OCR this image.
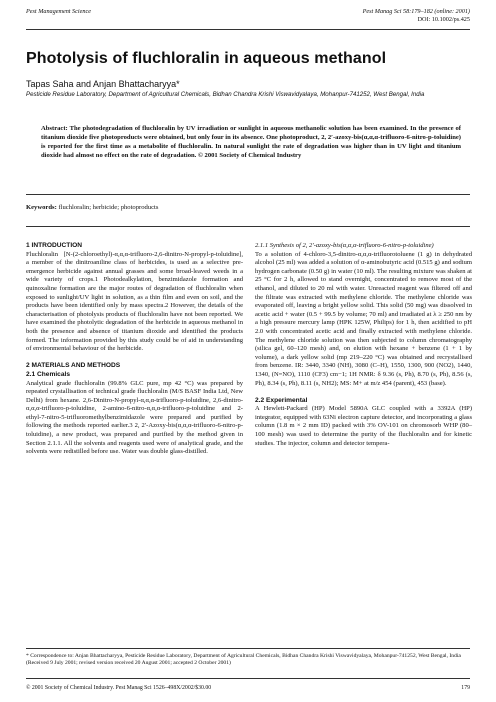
Pest Management Science	Pest Manag Sci 58:179–182 (online: 2001)
DOI: 10.1002/ps.425
Photolysis of fluchloralin in aqueous methanol
Tapas Saha and Anjan Bhattacharyya*
Pesticide Residue Laboratory, Department of Agricultural Chemicals, Bidhan Chandra Krishi Viswavidyalaya, Mohanpur-741252, West Bengal, India
Abstract: The photodegradation of fluchloralin by UV irradiation or sunlight in aqueous methanolic solution has been examined. In the presence of titanium dioxide five photoproducts were obtained, but only four in its absence. One photoproduct, 2, 2′-azoxy-bis(α,α,α-trifluoro-6-nitro-p-toluidine) is reported for the first time as a metabolite of fluchloralin. In natural sunlight the rate of degradation was higher than in UV light and titanium dioxide had almost no effect on the rate of degradation. © 2001 Society of Chemical Industry
Keywords: fluchloralin; herbicide; photoproducts
1 INTRODUCTION

Fluchloralin [N-(2-chloroethyl)-α,α,α-trifluoro-2,6-dinitro-N-propyl-p-toluidine], a member of the dinitroaniline class of herbicides, is used as a selective pre-emergence herbicide against annual grasses and some broad-leaved weeds in a wide variety of crops.1 Photodealkylation, benzimidazole formation and quinoxaline formation are the major routes of degradation of fluchloralin when exposed to sunlight/UV light in solution, as a thin film and even on soil, and the products have been identified only by mass spectra.2 However, the details of the characterisation of photolysis products of fluchloralin have not been reported. We have examined the photolytic degradation of the herbicide in aqueous methanol in both the presence and absence of titanium dioxide and identified the products formed. The information provided by this study could be of aid in understanding of environmental behaviour of the herbicide.

2 MATERIALS AND METHODS
2.1 Chemicals

Analytical grade fluchloralin (99.8% GLC pure, mp 42 °C) was prepared by repeated crystallisation of technical grade fluchloralin (M/S BASF India Ltd, New Delhi) from hexane. 2,6-Dinitro-N-propyl-α,α,α-trifluoro-p-toluidine, 2,6-dinitro-α,α,α-trifluoro-p-toluidine, 2-amino-6-nitro-α,α,α-trifluoro-p-toluidine and 2-ethyl-7-nitro-5-trifluoromethylbenzimidazole were prepared and purified by following the methods reported earlier.3 2, 2′-Azoxy-bis(α,α,α-trifluoro-6-nitro-p-toluidine), a new product, was prepared and purified by the method given in Section 2.1.1. All the solvents and reagents used were of analytical grade, and the solvents were redistilled before use. Water was double glass-distilled.

2.1.1 Synthesis of 2, 2′-azoxy-bis(α,α,α-trifluoro-6-nitro-p-toluidine)

To a solution of 4-chloro-3,5-dinitro-α,α,α-trifluorotoluene (1 g) in dehydrated alcohol (25 ml) was added a solution of α-aminobutyric acid (0.515 g) and sodium hydrogen carbonate (0.50 g) in water (10 ml). The resulting mixture was shaken at 25 °C for 2 h, allowed to stand overnight, concentrated to remove most of the ethanol, and diluted to 20 ml with water. Unreacted reagent was filtered off and the filtrate was extracted with methylene chloride. The methylene chloride was evaporated off, leaving a bright yellow solid. This solid (50 mg) was dissolved in acetic acid + water (0.5 + 99.5 by volume; 70 ml) and irradiated at λ ≥ 250 nm by a high pressure mercury lamp (HPK 125W, Philips) for 1 h, then acidified to pH 2.0 with concentrated acetic acid and finally extracted with methylene chloride. The methylene chloride solution was then subjected to column chromatography (silica gel, 60–120 mesh) and, on elution with hexane + benzene (1 + 1 by volume), a dark yellow solid (mp 219–220 °C) was obtained and recrystallised from benzene. IR: 3440, 3340 (NH), 3080 (C–H), 1550, 1300, 900 (NO2), 1440, 1340, (N=NO), 1110 (CF3) cm−1; 1H NMR: δ 9.36 (s, Ph), 8.70 (s, Ph), 8.56 (s, Ph), 8.34 (s, Ph), 8.11 (s, NH2); MS: M+ at m/z 454 (parent), 453 (base).

2.2 Experimental

A Hewlett-Packard (HP) Model 5890A GLC coupled with a 3392A (HP) integrator, equipped with 63Ni electron capture detector, and incorporating a glass column (1.8 m × 2 mm ID) packed with 3% OV-101 on chromosorb WHP (80–100 mesh) was used to determine the purity of the fluchloralin and for kinetic studies. The injector, column and detector tempera-

* Correspondence to: Anjan Bhattacharyya, Pesticide Residue Laboratory, Department of Agricultural Chemicals, Bidhan Chandra Krishi Viswavidyalaya, Mohanpur-741252, West Bengal, India
(Received 9 July 2001; revised version received 20 August 2001; accepted 2 October 2001)
© 2001 Society of Chemical Industry. Pest Manag Sci 1526–498X/2002/$30.00	179
